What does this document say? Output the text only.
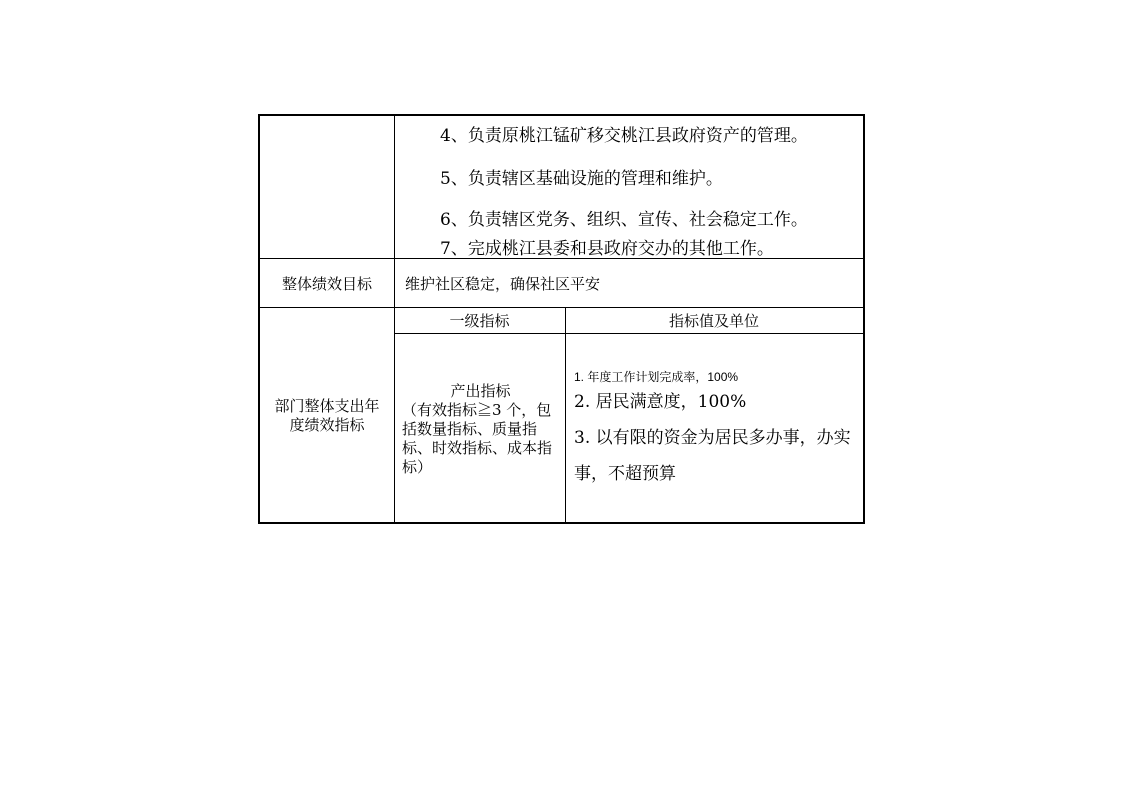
4、负责原桃江锰矿移交桃江县政府资产的管理。
5、负责辖区基础设施的管理和维护。
6、负责辖区党务、组织、宣传、社会稳定工作。
7、完成桃江县委和县政府交办的其他工作。
整体绩效目标	维护社区稳定，确保社区平安
部门整体支出年度绩效指标
一级指标	指标值及单位
产出指标
（有效指标≧3 个，包括数量指标、质量指标、时效指标、成本指标）
1. 年度工作计划完成率，100%
2. 居民满意度，100%
3. 以有限的资金为居民多办事，办实事，不超预算
